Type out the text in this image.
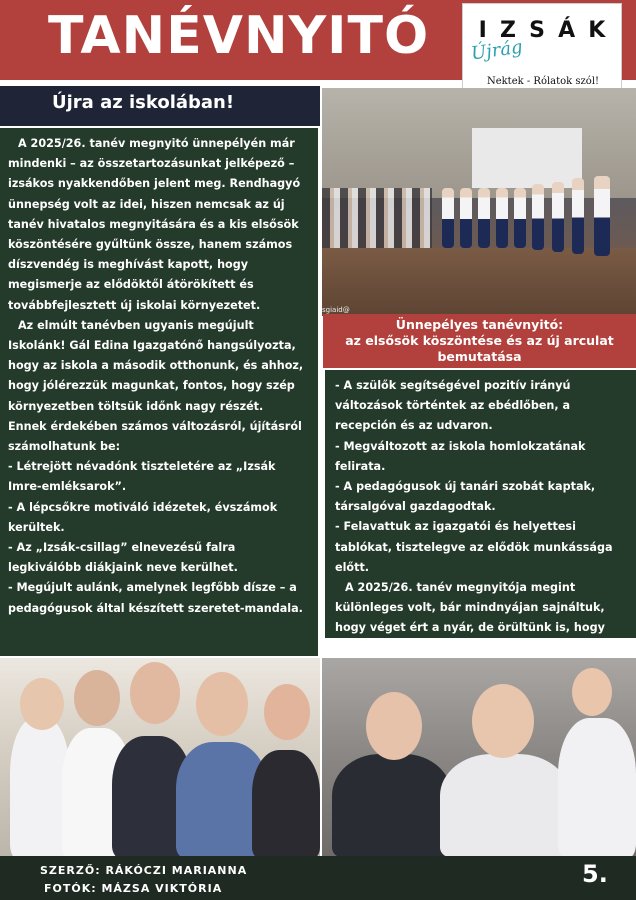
TANÉVNYITÓ I Z S Á K
Újrág
Nektek - Rólatok szól!
Újra az iskolában!
sgiaid@
Ünnepélyes tanévnyitó:
az elsősök köszöntése és az új arculat
bemutatása

A 2025/26. tanév megnyitó ünnepélyén már mindenki – az összetartozásunkat jelképező – izsákos nyakkendőben jelent meg. Rendhagyó ünnepség volt az idei, hiszen nemcsak az új tanév hivatalos megnyitására és a kis elsősök köszöntésére gyűltünk össze, hanem számos díszvendég is meghívást kapott, hogy megismerje az elődöktől átörökített és továbbfejlesztett új iskolai környezetet.

Az elmúlt tanévben ugyanis megújult Iskolánk! Gál Edina Igazgatónő hangsúlyozta, hogy az iskola a második otthonunk, és ahhoz, hogy jólérezzük magunkat, fontos, hogy szép környezetben töltsük időnk nagy részét.

Ennek érdekében számos változásról, újításról számolhatunk be:

- Létrejött névadónk tiszteletére az „Izsák Imre-emléksarok”.

- A lépcsőkre motiváló idézetek, évszámok kerültek.

- Az „Izsák-csillag” elnevezésű falra legkiválóbb diákjaink neve kerülhet.

- Megújult aulánk, amelynek legfőbb dísze – a pedagógusok által készített szeretet-mandala.

- A szülők segítségével pozitív irányú változások történtek az ebédlőben, a recepción és az udvaron.

- Megváltozott az iskola homlokzatának felirata.

- A pedagógusok új tanári szobát kaptak, társalgóval gazdagodtak.

- Felavattuk az igazgatói és helyettesi tablókat, tisztelegve az elődök munkássága előtt.

A 2025/26. tanév megnyitója megint különleges volt, bár mindnyájan sajnáltuk, hogy véget ért a nyár, de örültünk is, hogy ismét találkoztunk, és egy megújult, szép

SZERZŐ: RÁKÓCZI MARIANNA
FOTÓK: MÁZSA VIKTÓRIA
5.
